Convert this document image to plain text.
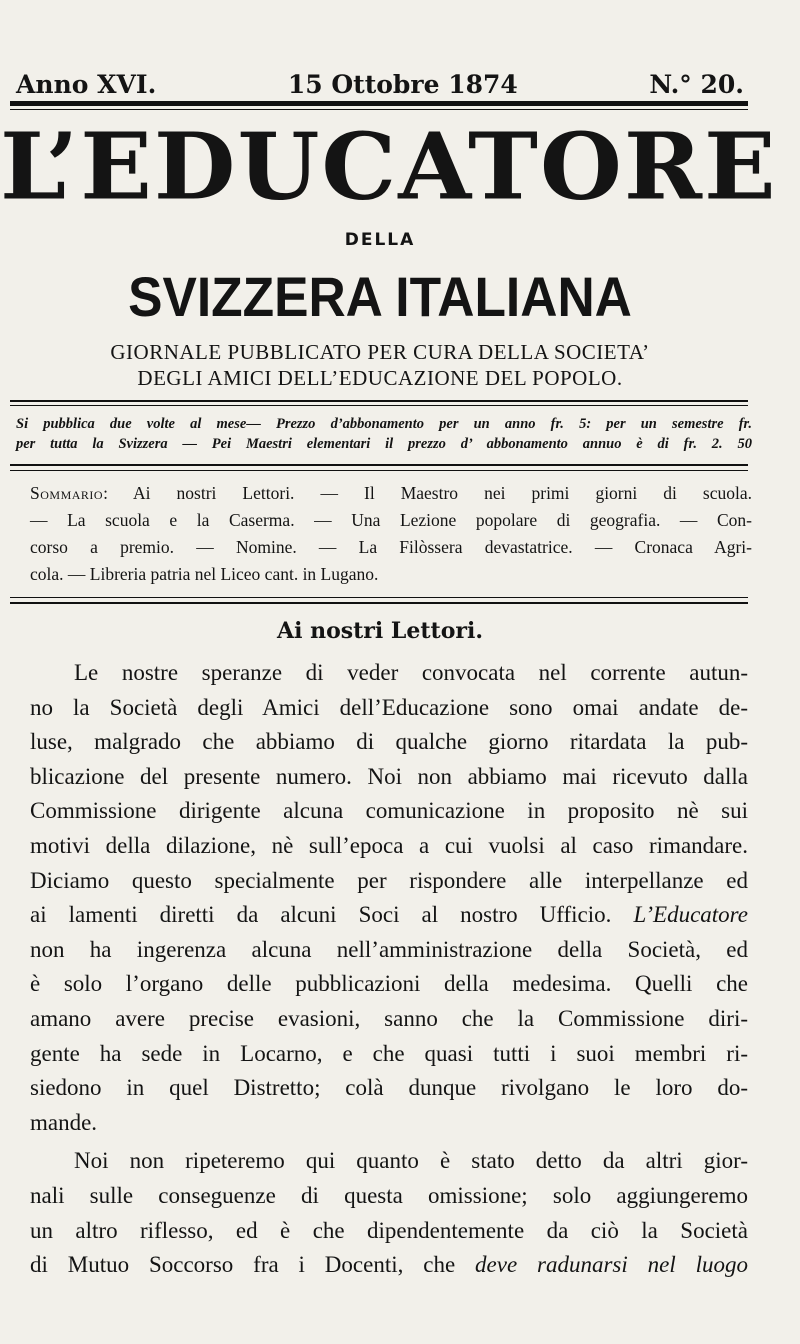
Anno XVI.	15 Ottobre 1874	N.° 20.
L’EDUCATORE
DELLA
SVIZZERA ITALIANA
GIORNALE PUBBLICATO PER CURA DELLA SOCIETA’
DEGLI AMICI DELL’EDUCAZIONE DEL POPOLO.
Si pubblica due volte al mese— Prezzo d’abbonamento per un anno fr. 5: per un semestre fr.
per tutta la Svizzera — Pei Maestri elementari il prezzo d’ abbonamento annuo è di fr. 2. 50
Sommario: Ai nostri Lettori. — Il Maestro nei primi giorni di scuola.
— La scuola e la Caserma. — Una Lezione popolare di geografia. — Con-
corso a premio. — Nomine. — La Filòssera devastatrice. — Cronaca Agri-
cola. — Libreria patria nel Liceo cant. in Lugano.
Ai nostri Lettori.
Le nostre speranze di veder convocata nel corrente autun-
no la Società degli Amici dell’Educazione sono omai andate de-
luse, malgrado che abbiamo di qualche giorno ritardata la pub-
blicazione del presente numero. Noi non abbiamo mai ricevuto dalla
Commissione dirigente alcuna comunicazione in proposito nè sui
motivi della dilazione, nè sull’epoca a cui vuolsi al caso rimandare.
Diciamo questo specialmente per rispondere alle interpellanze ed
ai lamenti diretti da alcuni Soci al nostro Ufficio. L’Educatore
non ha ingerenza alcuna nell’amministrazione della Società, ed
è solo l’organo delle pubblicazioni della medesima. Quelli che
amano avere precise evasioni, sanno che la Commissione diri-
gente ha sede in Locarno, e che quasi tutti i suoi membri ri-
siedono in quel Distretto; colà dunque rivolgano le loro do-
mande.
Noi non ripeteremo qui quanto è stato detto da altri gior-
nali sulle conseguenze di questa omissione; solo aggiungeremo
un altro riflesso, ed è che dipendentemente da ciò la Società
di Mutuo Soccorso fra i Docenti, che deve radunarsi nel luogo
